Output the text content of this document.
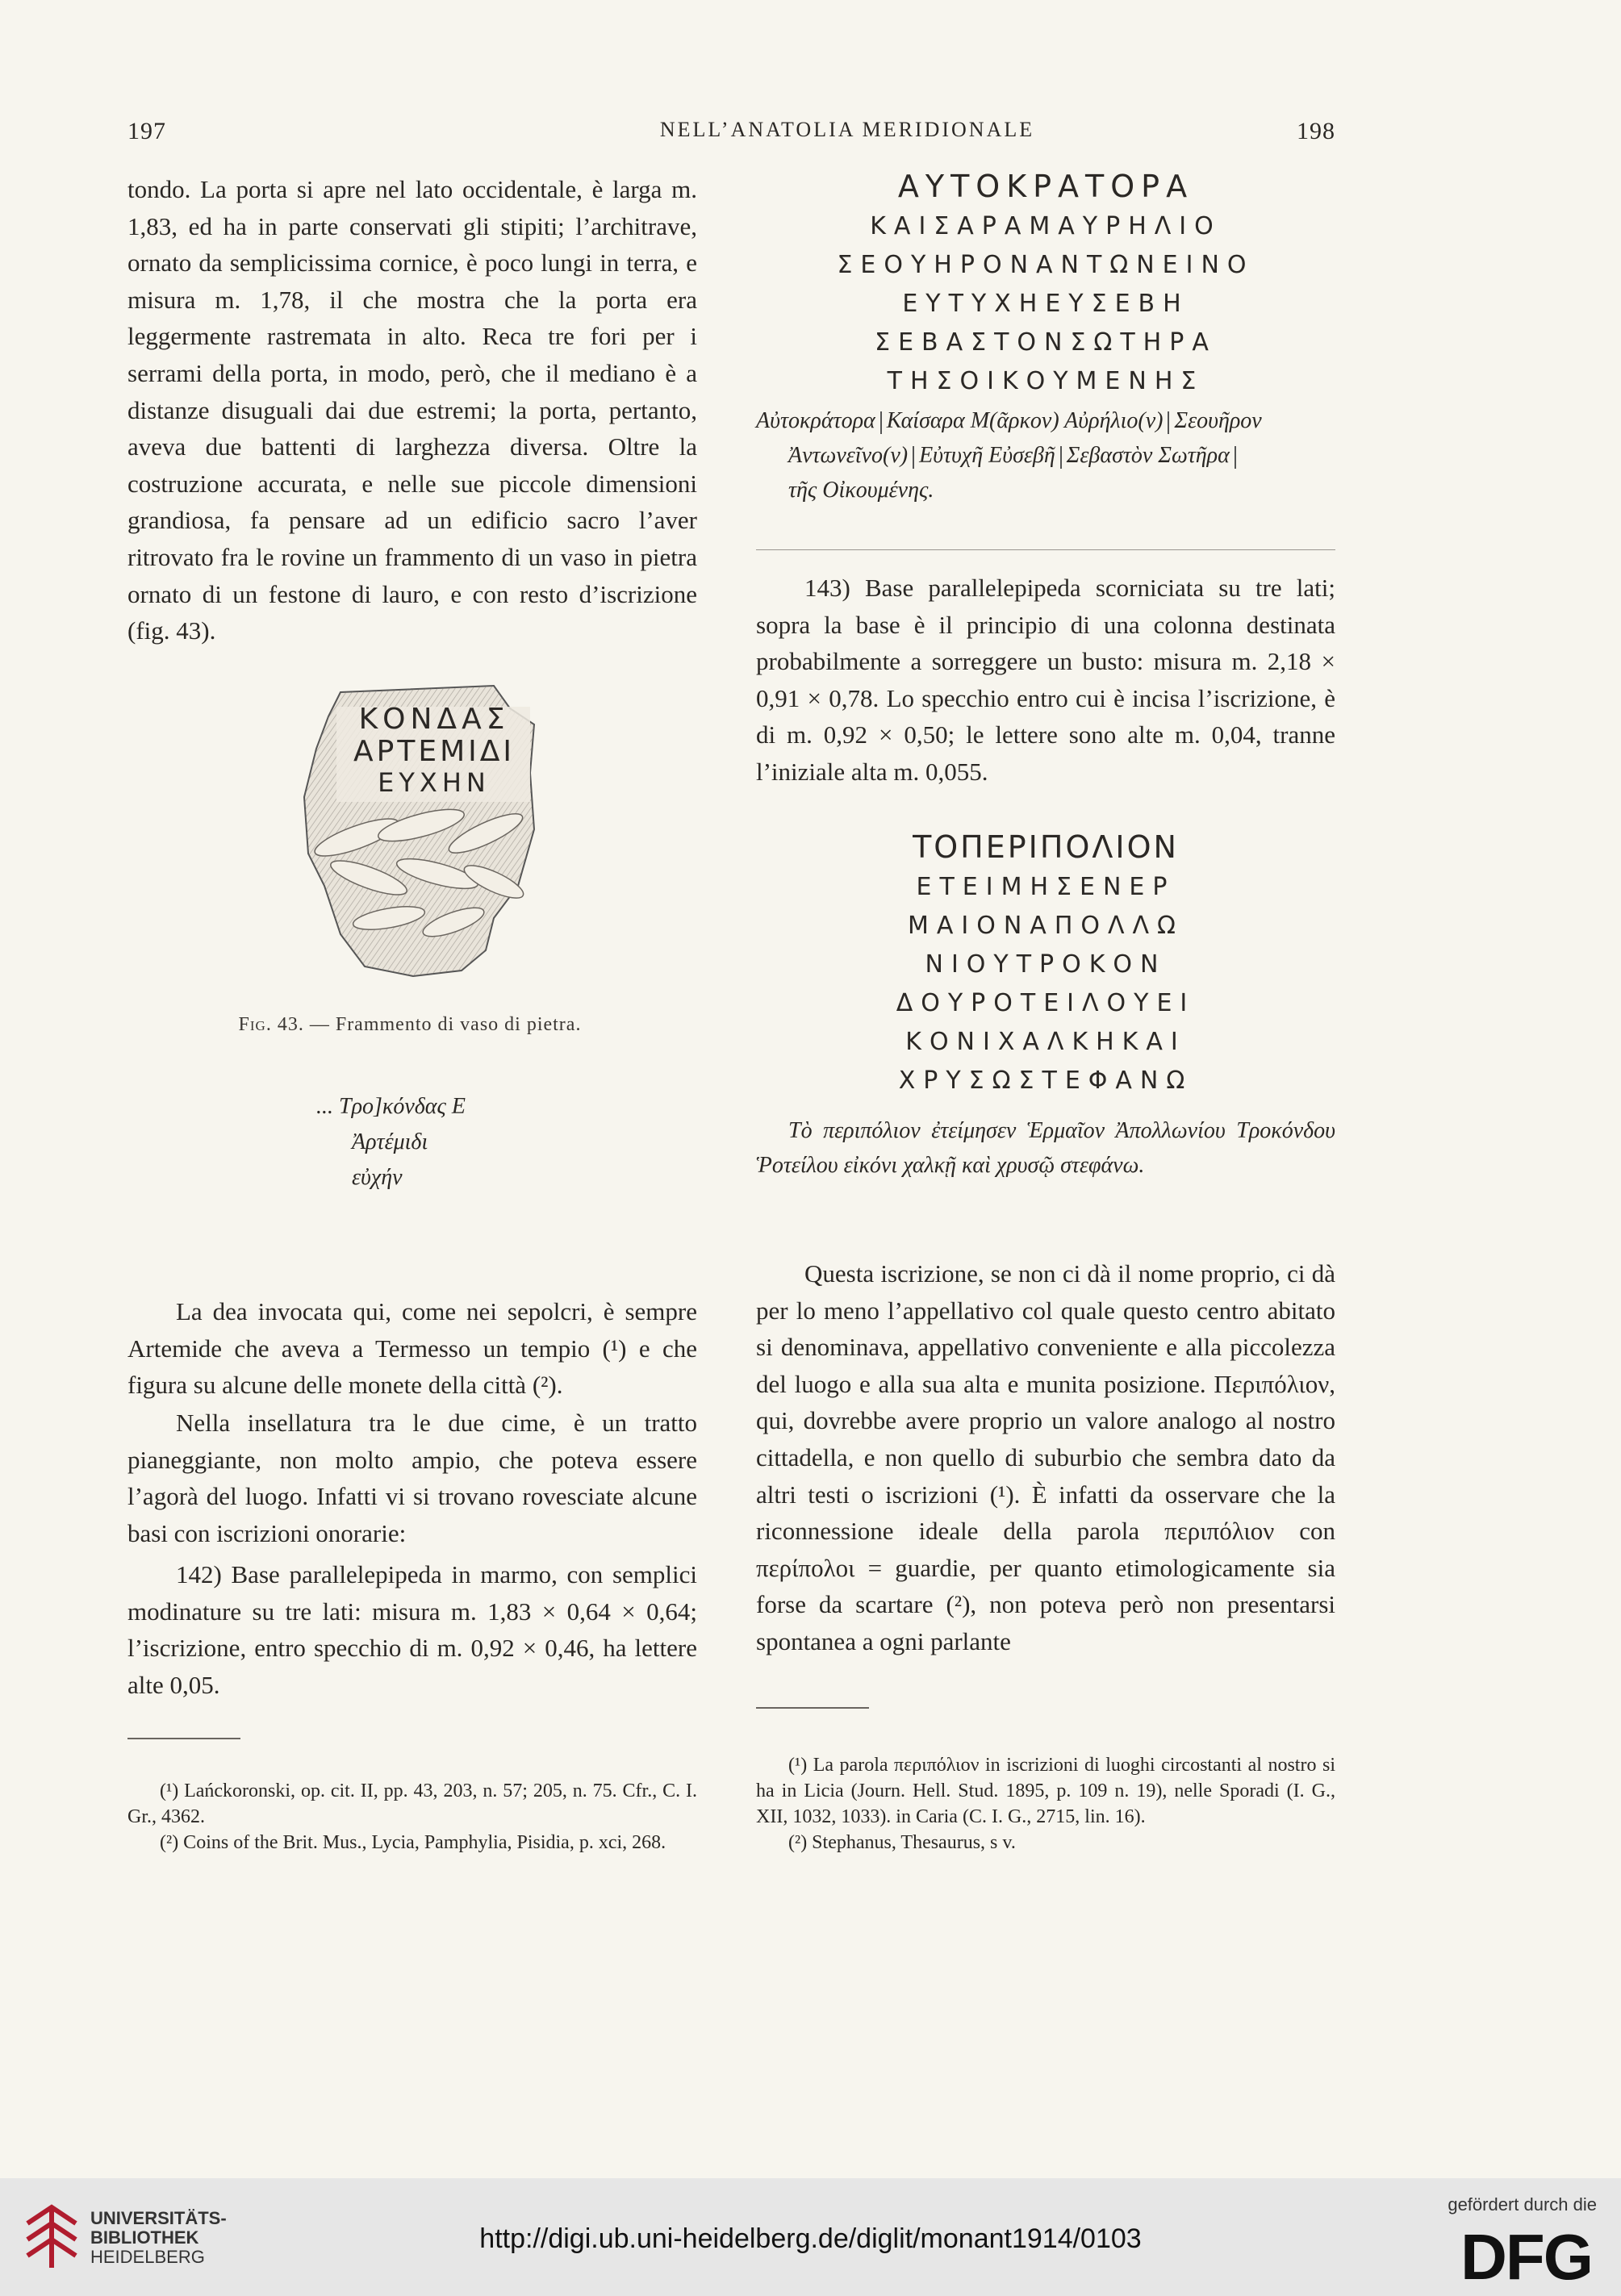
197	NELL’ANATOLIA MERIDIONALE	198

tondo. La porta si apre nel lato occidentale, è larga m. 1,83, ed ha in parte conservati gli stipiti; l’architrave, ornato da semplicissima cornice, è poco lungi in terra, e misura m. 1,78, il che mostra che la porta era leggermente rastremata in alto. Reca tre fori per i serrami della porta, in modo, però, che il mediano è a distanze disuguali dai due estremi; la porta, pertanto, aveva due battenti di larghezza diversa. Oltre la costruzione accurata, e nelle sue piccole dimensioni grandiosa, fa pensare ad un edificio sacro l’aver ritrovato fra le rovine un frammento di un vaso in pietra ornato di un festone di lauro, e con resto d’iscrizione (fig. 43).

ΚΟΝΔΑΣ
ΑΡΤΕΜΙΔΙ
ΕΥΧΗΝ
Fig. 43. — Frammento di vaso di pietra.
... Τρο]κόνδας Ε
Ἀρτέμιδι
εὐχήν

La dea invocata qui, come nei sepolcri, è sempre Artemide che aveva a Termesso un tempio (¹) e che figura su alcune delle monete della città (²).

Nella insellatura tra le due cime, è un tratto pianeggiante, non molto ampio, che poteva essere l’agorà del luogo. Infatti vi si trovano rovesciate alcune basi con iscrizioni onorarie:

142) Base parallelepipeda in marmo, con semplici modinature su tre lati: misura m. 1,83 × 0,64 × 0,64; l’iscrizione, entro specchio di m. 0,92 × 0,46, ha lettere alte 0,05.

(¹) Lańckoronski, op. cit. II, pp. 43, 203, n. 57; 205, n. 75. Cfr., C. I. Gr., 4362.

(²) Coins of the Brit. Mus., Lycia, Pamphylia, Pisidia, p. xci, 268.

ΑΥΤΟΚΡΑΤΟΡΑ
ΚΑΙΣΑΡΑΜΑΥΡΗΛΙΟ
ΣΕΟΥΗΡΟΝΑΝΤΩΝΕΙΝΟ
ΕΥΤΥΧΗΕΥΣΕΒΗ
ΣΕΒΑΣΤΟΝΣΩΤΗΡΑ
ΤΗΣΟΙΚΟΥΜΕΝΗΣ
Αὐτοκράτορα Καίσαρα Μ(ᾶρκον) Αὐρήλιο(ν) Σεουῆρον
Ἀντωνεῖνο(ν) Εὐτυχῆ Εὐσεβῆ Σεβαστὸν Σωτῆρα
τῆς Οἰκουμένης.

143) Base parallelepipeda scorniciata su tre lati; sopra la base è il principio di una colonna destinata probabilmente a sorreggere un busto: misura m. 2,18 × 0,91 × 0,78. Lo specchio entro cui è incisa l’iscrizione, è di m. 0,92 × 0,50; le lettere sono alte m. 0,04, tranne l’iniziale alta m. 0,055.

ΤΟΠΕΡΙΠΟΛΙΟΝ
ΕΤΕΙΜΗΣΕΝΕΡ
ΜΑΙΟΝΑΠΟΛΛΩ
ΝΙΟΥΤΡΟΚΟΝ
ΔΟΥΡΟΤΕΙΛΟΥΕΙ
ΚΟΝΙΧΑΛΚΗΚΑΙ
ΧΡΥΣΩΣΤΕΦΑΝΩ
Τὸ περιπόλιον ἐτείμησεν Ἑρμαῖον Ἀπολλωνίου Τροκόνδου Ῥοτείλου εἰκόνι χαλκῇ καὶ χρυσῷ στεφάνω.

Questa iscrizione, se non ci dà il nome proprio, ci dà per lo meno l’appellativo col quale questo centro abitato si denominava, appellativo conveniente e alla piccolezza del luogo e alla sua alta e munita posizione. Περιπόλιον, qui, dovrebbe avere proprio un valore analogo al nostro cittadella, e non quello di suburbio che sembra dato da altri testi o iscrizioni (¹). È infatti da osservare che la riconnessione ideale della parola περιπόλιον con περίπολοι = guardie, per quanto etimologicamente sia forse da scartare (²), non poteva però non presentarsi spontanea a ogni parlante

(¹) La parola περιπόλιον in iscrizioni di luoghi circostanti al nostro si ha in Licia (Journ. Hell. Stud. 1895, p. 109 n. 19), nelle Sporadi (I. G., XII, 1032, 1033). in Caria (C. I. G., 2715, lin. 16).

(²) Stephanus, Thesaurus, s v.

UNIVERSITÄTS-
BIBLIOTHEK
HEIDELBERG
http://digi.ub.uni-heidelberg.de/diglit/monant1914/0103
gefördert durch die
DFG
